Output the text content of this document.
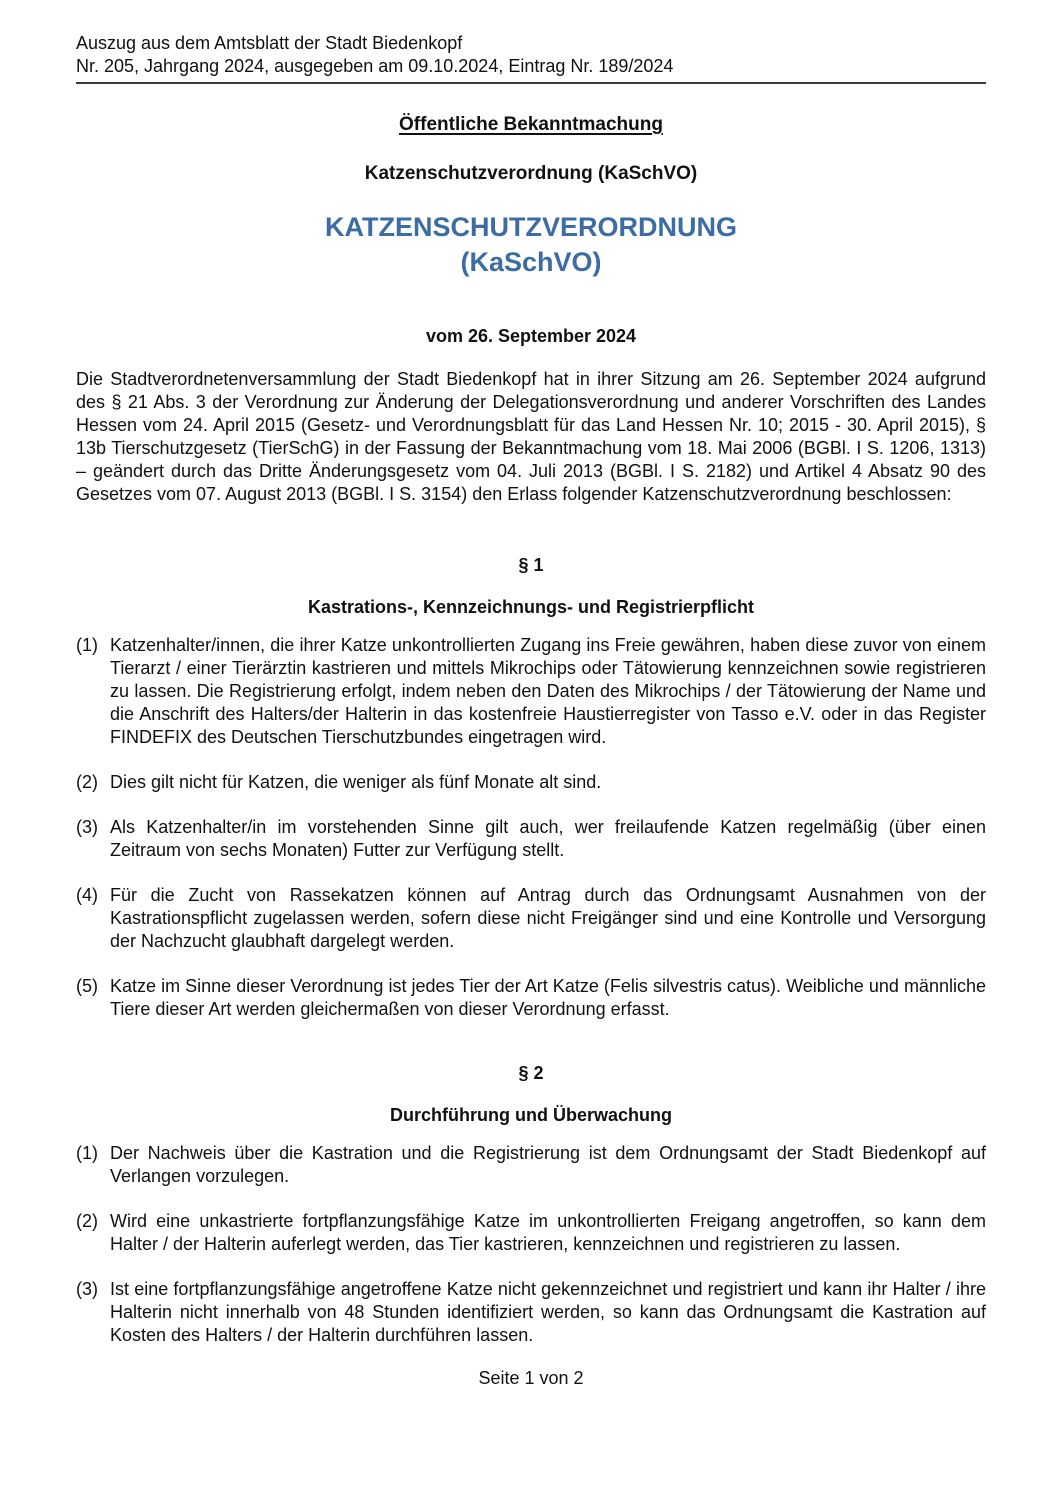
Auszug aus dem Amtsblatt der Stadt Biedenkopf
Nr. 205, Jahrgang 2024, ausgegeben am 09.10.2024, Eintrag Nr. 189/2024
Öffentliche Bekanntmachung
Katzenschutzverordnung (KaSchVO)
KATZENSCHUTZVERORDNUNG
(KaSchVO)
vom 26. September 2024

Die Stadtverordnetenversammlung der Stadt Biedenkopf hat in ihrer Sitzung am 26. September 2024 aufgrund des § 21 Abs. 3 der Verordnung zur Änderung der Delegationsverordnung und anderer Vorschriften des Landes Hessen vom 24. April 2015 (Gesetz- und Verordnungsblatt für das Land Hessen Nr. 10; 2015 - 30. April 2015), § 13b Tierschutzgesetz (TierSchG) in der Fassung der Bekanntmachung vom 18. Mai 2006 (BGBl. I S. 1206, 1313) – geändert durch das Dritte Änderungsgesetz vom 04. Juli 2013 (BGBl. I S. 2182) und Artikel 4 Absatz 90 des Gesetzes vom 07. August 2013 (BGBl. I S. 3154) den Erlass folgender Katzenschutzverordnung beschlossen:

§ 1
Kastrations-, Kennzeichnungs- und Registrierpflicht
(1) Katzenhalter/innen, die ihrer Katze unkontrollierten Zugang ins Freie gewähren, haben diese zuvor von einem Tierarzt / einer Tierärztin kastrieren und mittels Mikrochips oder Tätowierung kennzeichnen sowie registrieren zu lassen. Die Registrierung erfolgt, indem neben den Daten des Mikrochips / der Tätowierung der Name und die Anschrift des Halters/der Halterin in das kostenfreie Haustierregister von Tasso e.V. oder in das Register FINDEFIX des Deutschen Tierschutzbundes eingetragen wird.
(2) Dies gilt nicht für Katzen, die weniger als fünf Monate alt sind.
(3) Als Katzenhalter/in im vorstehenden Sinne gilt auch, wer freilaufende Katzen regelmäßig (über einen Zeitraum von sechs Monaten) Futter zur Verfügung stellt.
(4) Für die Zucht von Rassekatzen können auf Antrag durch das Ordnungsamt Ausnahmen von der Kastrationspflicht zugelassen werden, sofern diese nicht Freigänger sind und eine Kontrolle und Versorgung der Nachzucht glaubhaft dargelegt werden.
(5) Katze im Sinne dieser Verordnung ist jedes Tier der Art Katze (Felis silvestris catus). Weibliche und männliche Tiere dieser Art werden gleichermaßen von dieser Verordnung erfasst.
§ 2
Durchführung und Überwachung
(1) Der Nachweis über die Kastration und die Registrierung ist dem Ordnungsamt der Stadt Biedenkopf auf Verlangen vorzulegen.
(2) Wird eine unkastrierte fortpflanzungsfähige Katze im unkontrollierten Freigang angetroffen, so kann dem Halter / der Halterin auferlegt werden, das Tier kastrieren, kennzeichnen und registrieren zu lassen.
(3) Ist eine fortpflanzungsfähige angetroffene Katze nicht gekennzeichnet und registriert und kann ihr Halter / ihre Halterin nicht innerhalb von 48 Stunden identifiziert werden, so kann das Ordnungsamt die Kastration auf Kosten des Halters / der Halterin durchführen lassen.
Seite 1 von 2
